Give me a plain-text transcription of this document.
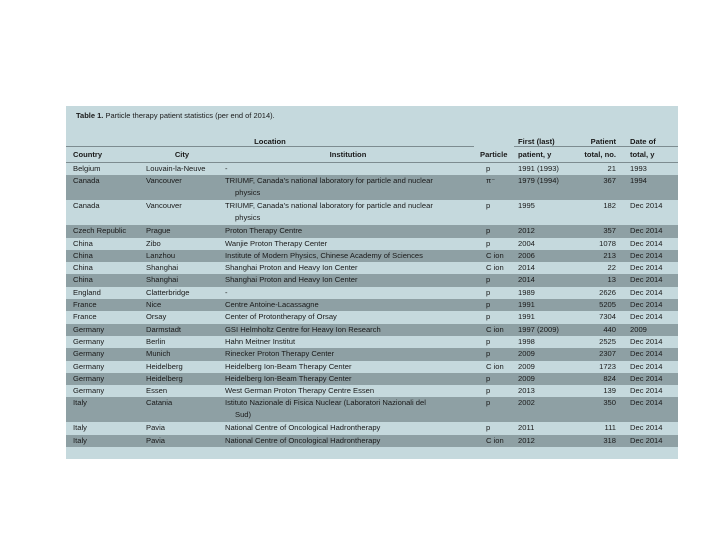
Table 1. Particle therapy patient statistics (per end of 2014).
Location				First (last)	Patient	Date of
Country	City	Institution	Particle	patient, y	total, no.	total, y
Belgium	Louvain-la-Neuve	-	p	1991 (1993)	21	1993
Canada	Vancouver	TRIUMF, Canada's national laboratory for particle and nuclear
physics	π⁻	1979 (1994)	367	1994
Canada	Vancouver	TRIUMF, Canada's national laboratory for particle and nuclear
physics	p	1995	182	Dec 2014
Czech Republic	Prague	Proton Therapy Centre	p	2012	357	Dec 2014
China	Zibo	Wanjie Proton Therapy Center	p	2004	1078	Dec 2014
China	Lanzhou	Institute of Modern Physics, Chinese Academy of Sciences	C ion	2006	213	Dec 2014
China	Shanghai	Shanghai Proton and Heavy Ion Center	C ion	2014	22	Dec 2014
China	Shanghai	Shanghai Proton and Heavy Ion Center	p	2014	13	Dec 2014
England	Clatterbridge	-	p	1989	2626	Dec 2014
France	Nice	Centre Antoine-Lacassagne	p	1991	5205	Dec 2014
France	Orsay	Center of Protontherapy of Orsay	p	1991	7304	Dec 2014
Germany	Darmstadt	GSI Helmholtz Centre for Heavy Ion Research	C ion	1997 (2009)	440	2009
Germany	Berlin	Hahn Meitner Institut	p	1998	2525	Dec 2014
Germany	Munich	Rinecker Proton Therapy Center	p	2009	2307	Dec 2014
Germany	Heidelberg	Heidelberg Ion-Beam Therapy Center	C ion	2009	1723	Dec 2014
Germany	Heidelberg	Heidelberg Ion-Beam Therapy Center	p	2009	824	Dec 2014
Germany	Essen	West German Proton Therapy Centre Essen	p	2013	139	Dec 2014
Italy	Catania	Istituto Nazionale di Fisica Nuclear (Laboratori Nazionali del
Sud)	p	2002	350	Dec 2014
Italy	Pavia	National Centre of Oncological Hadrontherapy	p	2011	111	Dec 2014
Italy	Pavia	National Centre of Oncological Hadrontherapy	C ion	2012	318	Dec 2014
